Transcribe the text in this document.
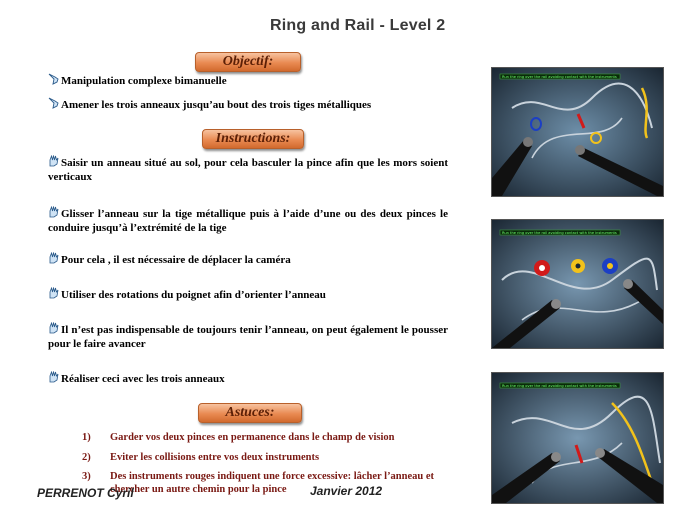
Ring and Rail - Level 2
Objectif:
Manipulation complexe bimanuelle
Amener les trois anneaux jusqu’au bout des trois tiges métalliques
Instructions:
Saisir un anneau situé au sol, pour cela basculer la pince afin que les mors soient verticaux
Glisser l’anneau sur la tige métallique puis à l’aide d’une ou des deux pinces le conduire jusqu’à l’extrémité de la tige
Pour cela , il est nécessaire de déplacer la caméra
Utiliser des rotations du poignet afin d’orienter l’anneau
Il n’est pas indispensable de toujours tenir l’anneau, on peut également le pousser pour le faire avancer
Réaliser ceci avec les trois anneaux
Astuces:
1) Garder vos deux pinces en permanence dans le champ de vision
2) Eviter les collisions entre vos deux instruments
3) Des instruments rouges indiquent une force excessive: lâcher l’anneau et chercher un autre chemin pour la pince
Run the ring over the rail avoiding contact with the instruments
Run the ring over the rail avoiding contact with the instruments
Run the ring over the rail avoiding contact with the instruments
PERRENOT Cyril	Janvier 2012
